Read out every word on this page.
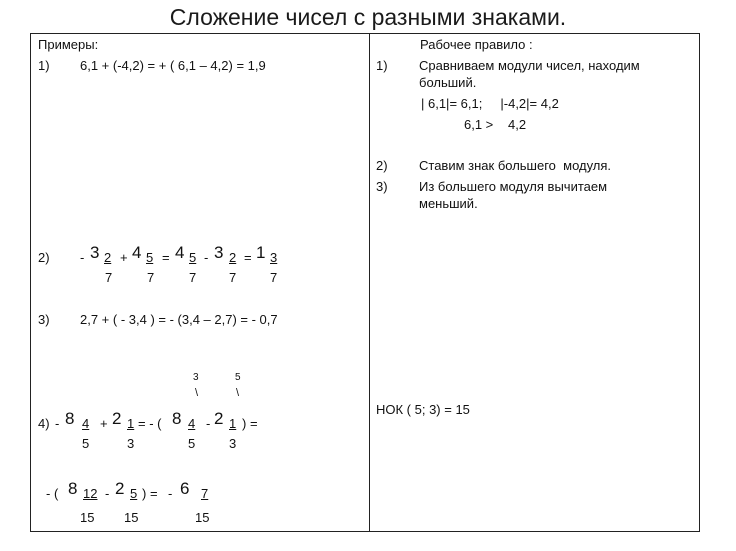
Сложение чисел с разными знаками.
Примеры:
1) 6,1 + (-4,2) = + ( 6,1 – 4,2) = 1,9
2) - 3 2 + 4 5 = 4 5 - 3 2 = 1 3
7	7	7	7	7
3) 2,7 + ( - 3,4 ) = - (3,4 – 2,7) = - 0,7
3	5
\	\
4) - 8 4 + 2 1 = - ( 8 4 - 2 1 ) =
5	3	5	3
- ( 8 12 - 2 5 ) = - 6 7
15 15	15
Рабочее правило :
1) Сравниваем модули чисел, находим
больший.
| 6,1|= 6,1;     |-4,2|= 4,2
6,1 > 4,2
2) Ставим знак большего  модуля.
3) Из большего модуля вычитаем
меньший.
НОК ( 5; 3) = 15
